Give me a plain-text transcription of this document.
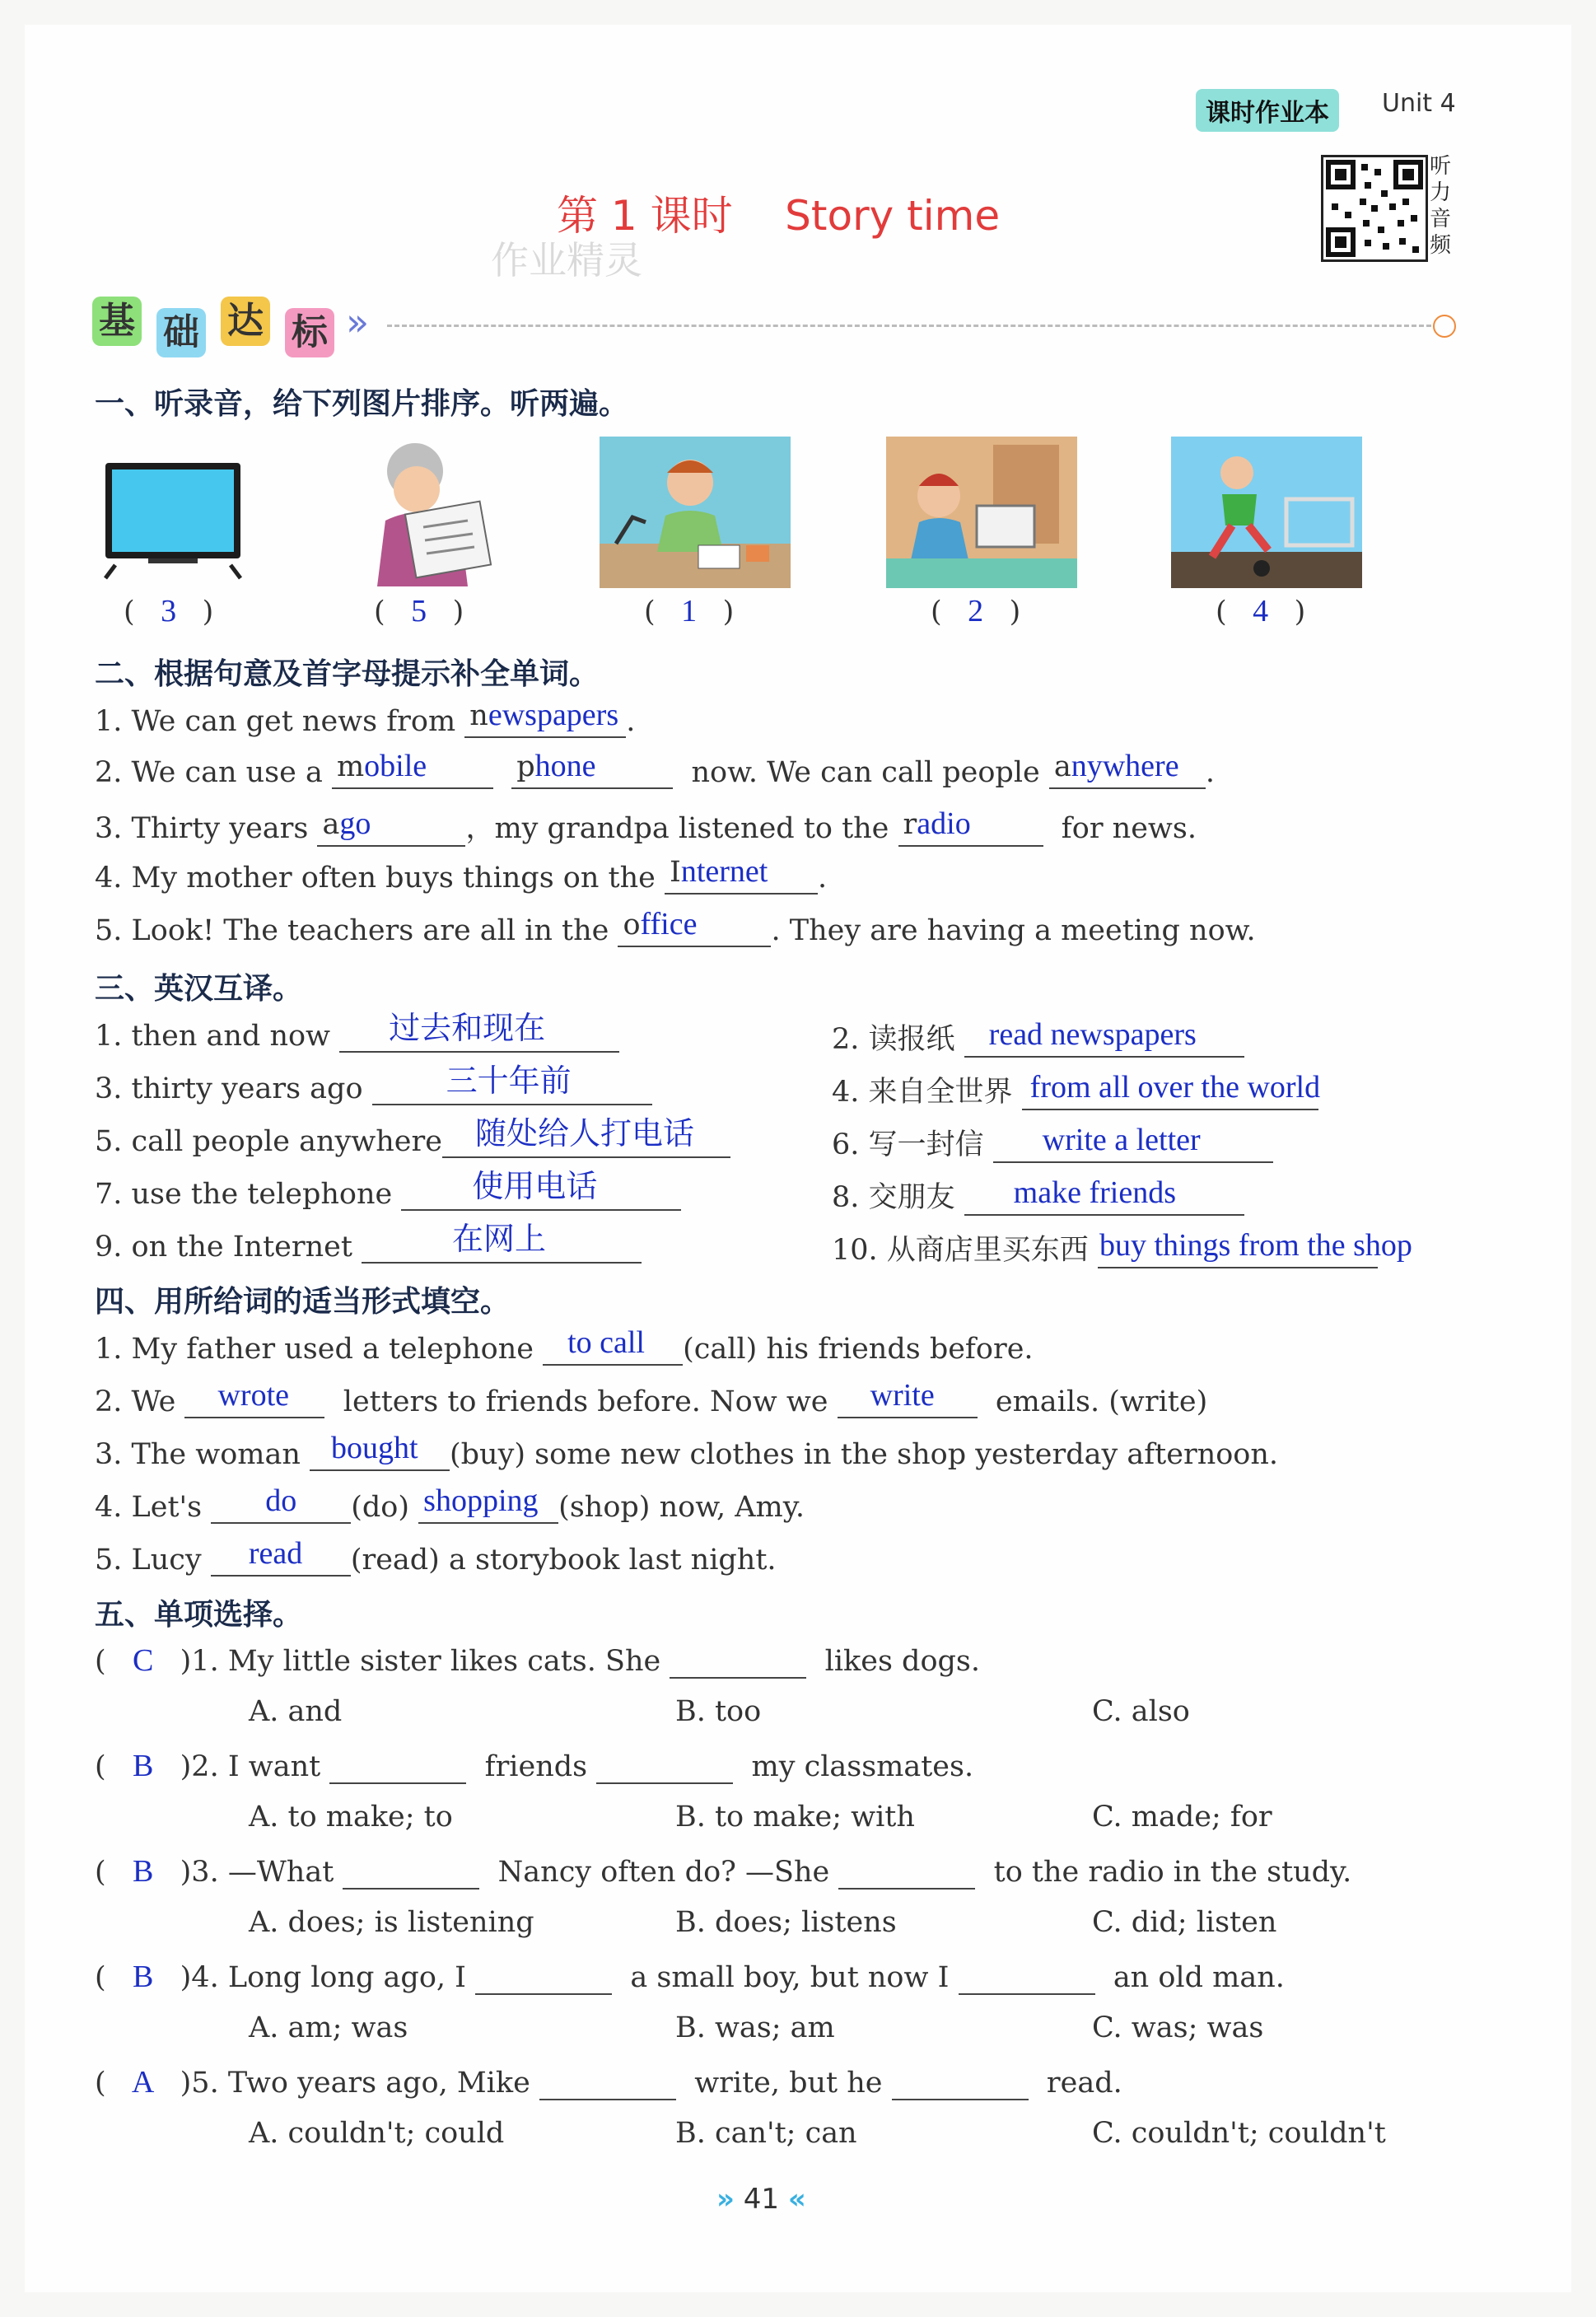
课时作业本	Unit 4
听力音频
第 1 课时    Story time
作业精灵
基 础 达 标 »
一、听录音，给下列图片排序。听两遍。
( 3 )	( 5 )	( 1 )	( 2 )	( 4 )
二、根据句意及首字母提示补全单词。
1. We can get news from newspapers .
2. We can use a mobile
	phone	now. We can call people anywhere .
3. Thirty years ago	，my grandpa listened to the radio	for news.
4. My mother often buys things on the Internet .
5. Look! The teachers are all in the office	. They are having a meeting now.
三、英汉互译。
1. then and now 过去和现在	2. 读报纸 read newspapers
3. thirty years ago	三十年前	4. 来自全世界 from all over the world
5. call people anywhere 随处给人打电话	6. 写一封信 write a letter
7. use the telephone	使用电话	8. 交朋友 make friends
9. on the Internet	在网上	10. 从商店里买东西 buy things from the shop
四、用所给词的适当形式填空。
1. My father used a telephone to call (call) his friends before.
2. We wrote letters to friends before. Now we write emails. (write)
3. The woman bought (buy) some new clothes in the shop yesterday afternoon.
4. Let's do (do) shopping (shop) now, Amy.
5. Lucy read (read) a storybook last night.
五、单项选择。
( C )1. My little sister likes cats. She	likes dogs.
A. and	B. too	C. also
( B )2. I want	friends	my classmates.
A. to make; to	B. to make; with	C. made; for
( B )3. —What	Nancy often do? —She	to the radio in the study.
A. does; is listening	B. does; listens	C. did; listen
( B )4. Long long ago, I	a small boy, but now I	an old man.
A. am; was	B. was; am	C. was; was
( A )5. Two years ago, Mike	write, but he	read.
A. couldn't; could	B. can't; can	C. couldn't; couldn't
» 41 «
